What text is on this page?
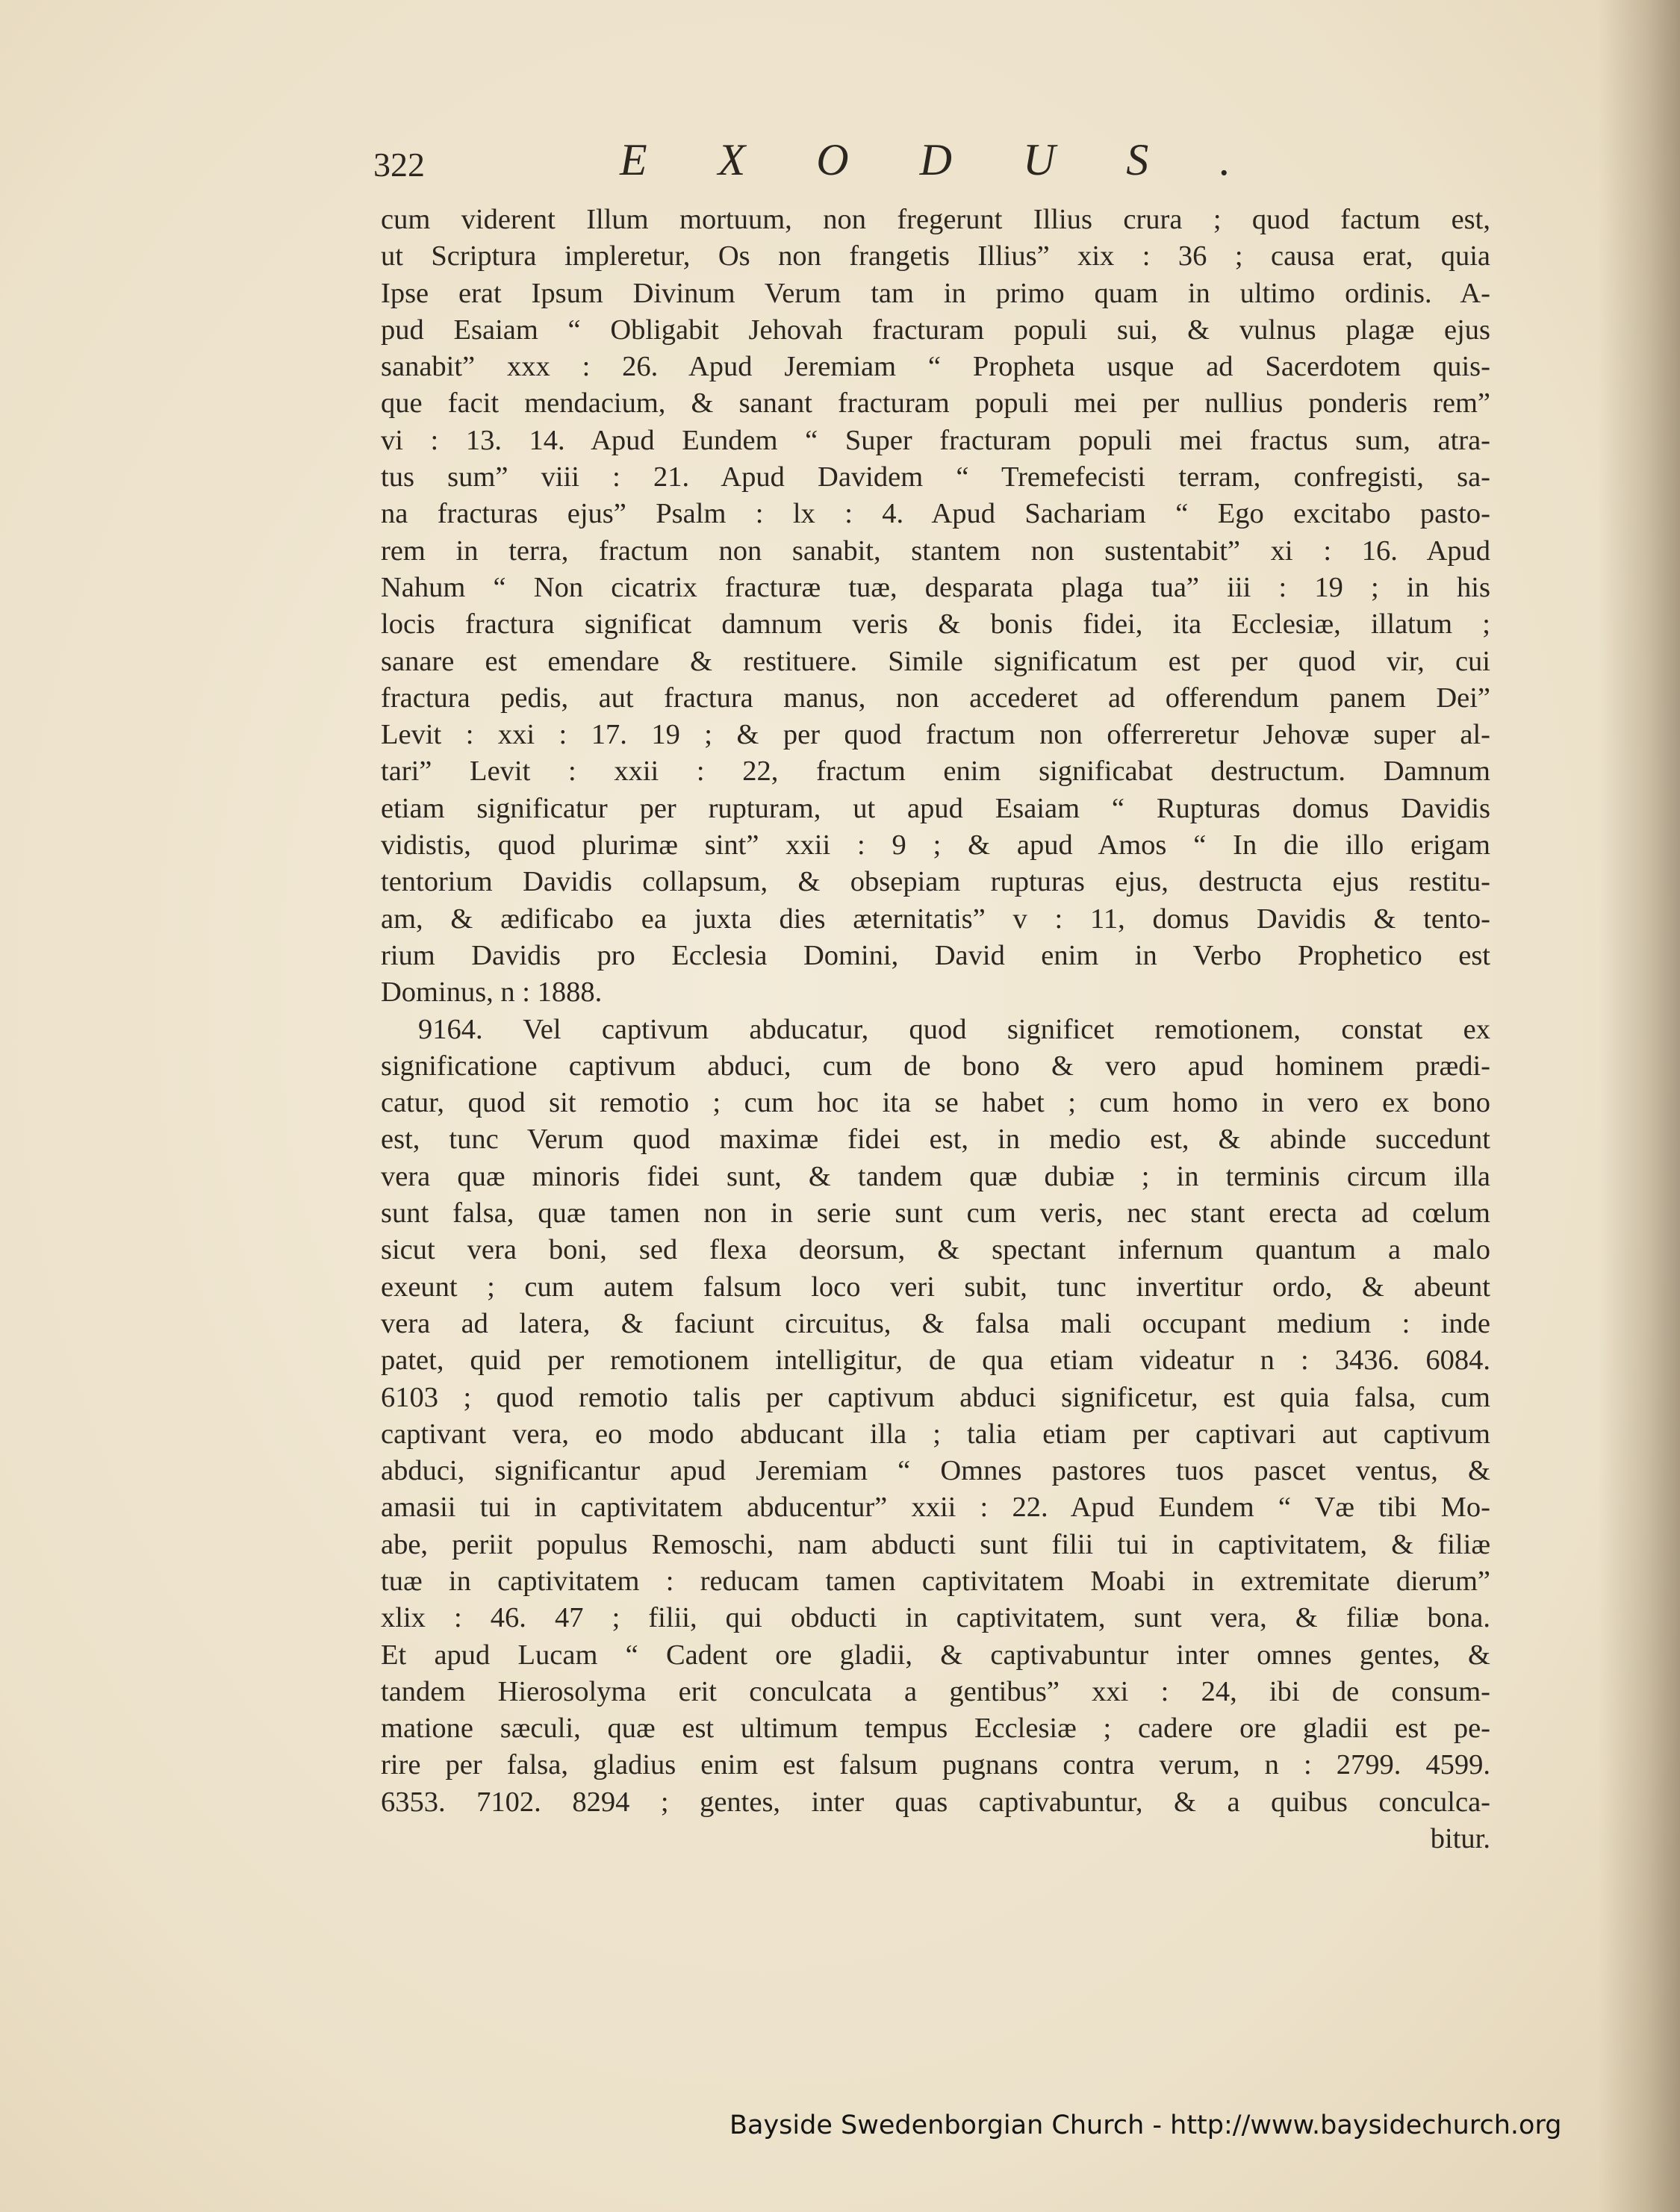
322	EXODUS.
cum viderent Illum mortuum, non fregerunt Illius crura ; quod factum est,
ut Scriptura impleretur, Os non frangetis Illius” xix : 36 ; causa erat, quia
Ipse erat Ipsum Divinum Verum tam in primo quam in ultimo ordinis. A-
pud Esaiam “ Obligabit Jehovah fracturam populi sui, & vulnus plagæ ejus
sanabit” xxx : 26. Apud Jeremiam “ Propheta usque ad Sacerdotem quis-
que facit mendacium, & sanant fracturam populi mei per nullius ponderis rem”
vi : 13. 14. Apud Eundem “ Super fracturam populi mei fractus sum, atra-
tus sum” viii : 21. Apud Davidem “ Tremefecisti terram, confregisti, sa-
na fracturas ejus” Psalm : lx : 4. Apud Sachariam “ Ego excitabo pasto-
rem in terra, fractum non sanabit, stantem non sustentabit” xi : 16. Apud
Nahum “ Non cicatrix fracturæ tuæ, desparata plaga tua” iii : 19 ; in his
locis fractura significat damnum veris & bonis fidei, ita Ecclesiæ, illatum ;
sanare est emendare & restituere. Simile significatum est per quod vir, cui
fractura pedis, aut fractura manus, non accederet ad offerendum panem Dei”
Levit : xxi : 17. 19 ; & per quod fractum non offerreretur Jehovæ super al-
tari” Levit : xxii : 22, fractum enim significabat destructum. Damnum
etiam significatur per rupturam, ut apud Esaiam “ Rupturas domus Davidis
vidistis, quod plurimæ sint” xxii : 9 ; & apud Amos “ In die illo erigam
tentorium Davidis collapsum, & obsepiam rupturas ejus, destructa ejus restitu-
am, & ædificabo ea juxta dies æternitatis” v : 11, domus Davidis & tento-
rium Davidis pro Ecclesia Domini, David enim in Verbo Prophetico est
Dominus, n : 1888.
9164. Vel captivum abducatur, quod significet remotionem, constat ex
significatione captivum abduci, cum de bono & vero apud hominem prædi-
catur, quod sit remotio ; cum hoc ita se habet ; cum homo in vero ex bono
est, tunc Verum quod maximæ fidei est, in medio est, & abinde succedunt
vera quæ minoris fidei sunt, & tandem quæ dubiæ ; in terminis circum illa
sunt falsa, quæ tamen non in serie sunt cum veris, nec stant erecta ad cœlum
sicut vera boni, sed flexa deorsum, & spectant infernum quantum a malo
exeunt ; cum autem falsum loco veri subit, tunc invertitur ordo, & abeunt
vera ad latera, & faciunt circuitus, & falsa mali occupant medium : inde
patet, quid per remotionem intelligitur, de qua etiam videatur n : 3436. 6084.
6103 ; quod remotio talis per captivum abduci significetur, est quia falsa, cum
captivant vera, eo modo abducant illa ; talia etiam per captivari aut captivum
abduci, significantur apud Jeremiam “ Omnes pastores tuos pascet ventus, &
amasii tui in captivitatem abducentur” xxii : 22. Apud Eundem “ Væ tibi Mo-
abe, periit populus Remoschi, nam abducti sunt filii tui in captivitatem, & filiæ
tuæ in captivitatem : reducam tamen captivitatem Moabi in extremitate dierum”
xlix : 46. 47 ; filii, qui obducti in captivitatem, sunt vera, & filiæ bona.
Et apud Lucam “ Cadent ore gladii, & captivabuntur inter omnes gentes, &
tandem Hierosolyma erit conculcata a gentibus” xxi : 24, ibi de consum-
matione sæculi, quæ est ultimum tempus Ecclesiæ ; cadere ore gladii est pe-
rire per falsa, gladius enim est falsum pugnans contra verum, n : 2799. 4599.
6353. 7102. 8294 ; gentes, inter quas captivabuntur, & a quibus conculca-
bitur.
Bayside Swedenborgian Church - http://www.baysidechurch.org
